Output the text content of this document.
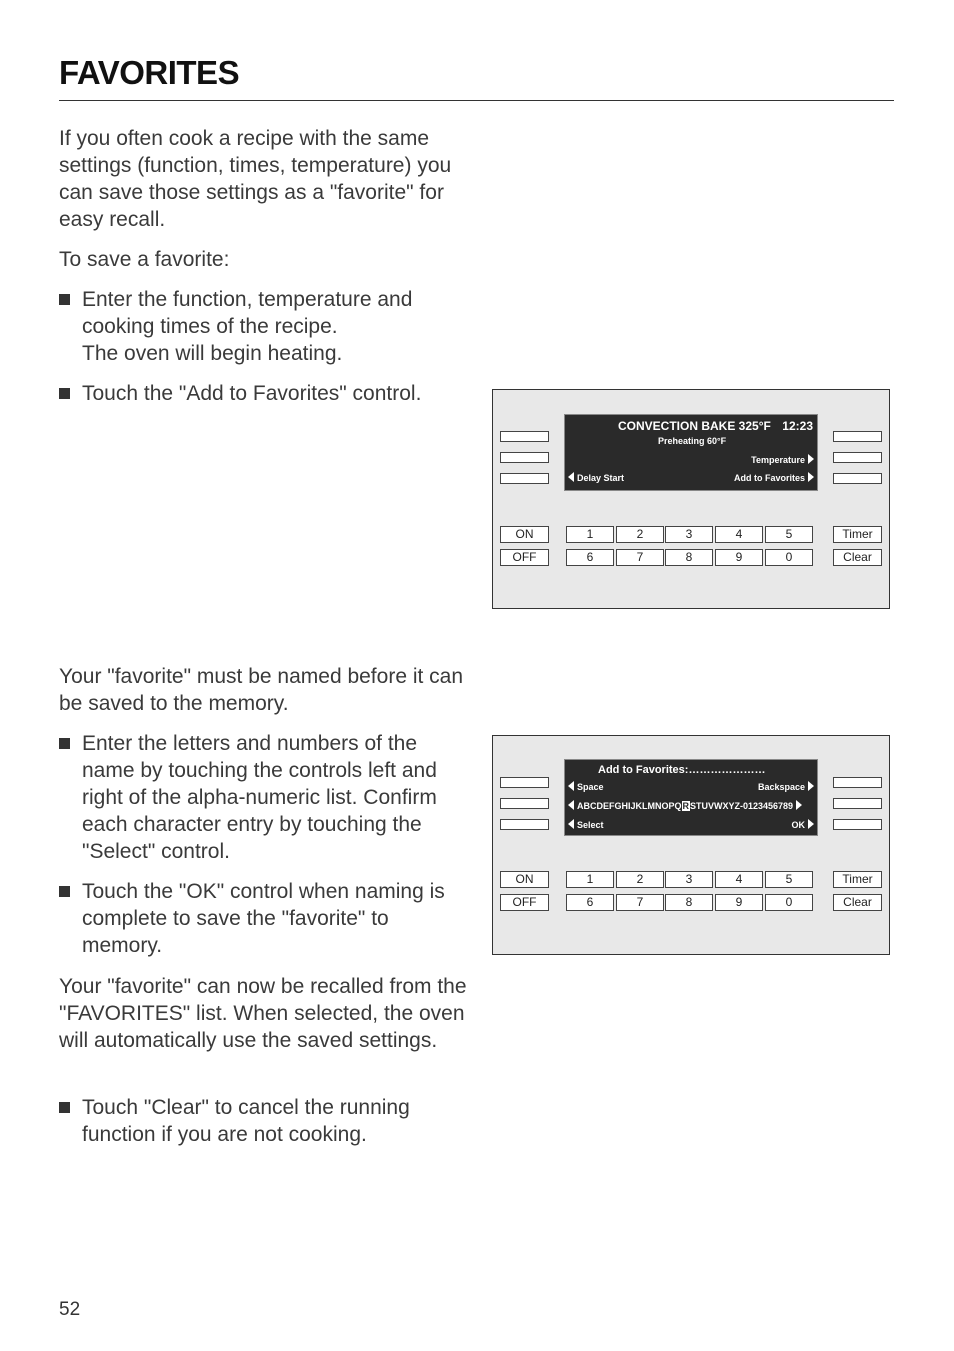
FAVORITES

If you often cook a recipe with the same settings (function, times, temperature) you can save those settings as a "favorite" for easy recall.

To save a favorite:

Enter the function, temperature and cooking times of the recipe.
The oven will begin heating.
Touch the "Add to Favorites" control.

Your "favorite" must be named before it can be saved to the memory.

Enter the letters and numbers of the name by touching the controls left and right of the alpha-numeric list. Confirm each character entry by touching the "Select" control.
Touch the "OK" control when naming is complete to save the "favorite" to memory.

Your "favorite" can now be recalled from the "FAVORITES" list. When selected, the oven will automatically use the saved settings.

Touch "Clear" to cancel the running function if you are not cooking.
52
CONVECTION BAKE 325°F 12:23
Preheating 60°F
Temperature
Delay Start	Add to Favorites
ON
OFF
1	2	3	4	5
6	7	8	9	0
Timer
Clear
Add to Favorites:…………………
Space	Backspace
ABCDEFGHIJKLMNOPQRSTUVWXYZ-0123456789
Select	OK
ON
OFF
1	2	3	4	5
6	7	8	9	0
Timer
Clear
